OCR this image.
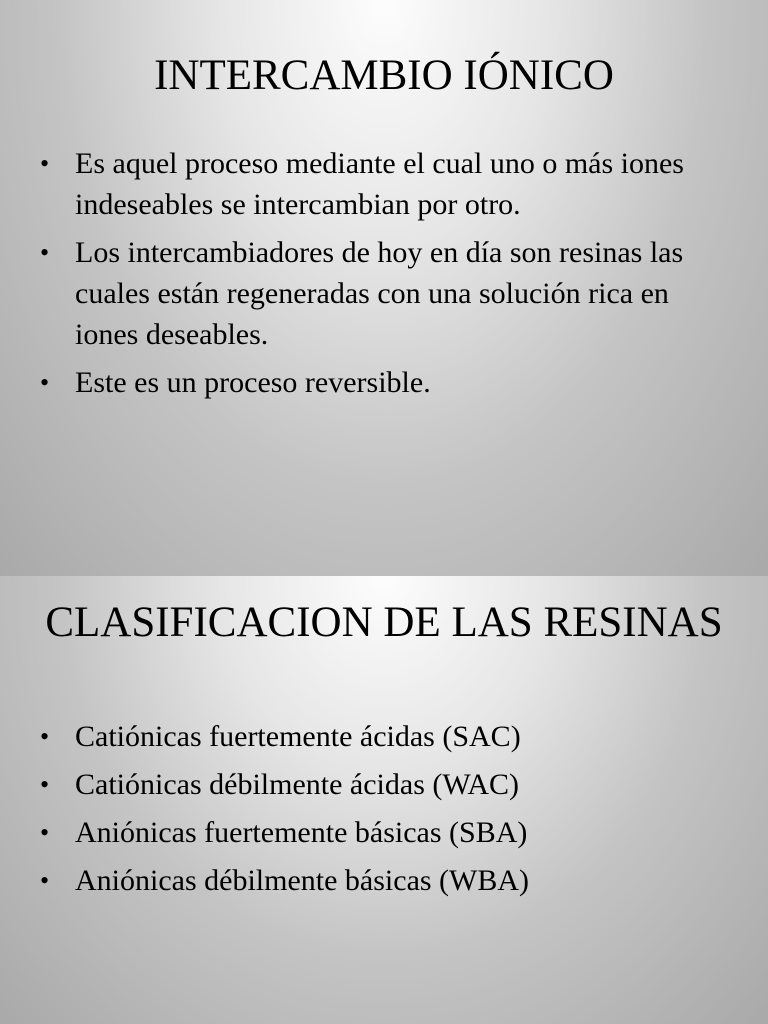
INTERCAMBIO IÓNICO
• Es aquel proceso mediante el cual uno o más iones indeseables se intercambian por otro.
• Los intercambiadores de hoy en día son resinas las cuales están regeneradas con una solución rica en iones deseables.
• Este es un proceso reversible.
CLASIFICACION DE LAS RESINAS
• Catiónicas fuertemente ácidas (SAC)
• Catiónicas débilmente ácidas (WAC)
• Aniónicas fuertemente básicas (SBA)
• Aniónicas débilmente básicas (WBA)
